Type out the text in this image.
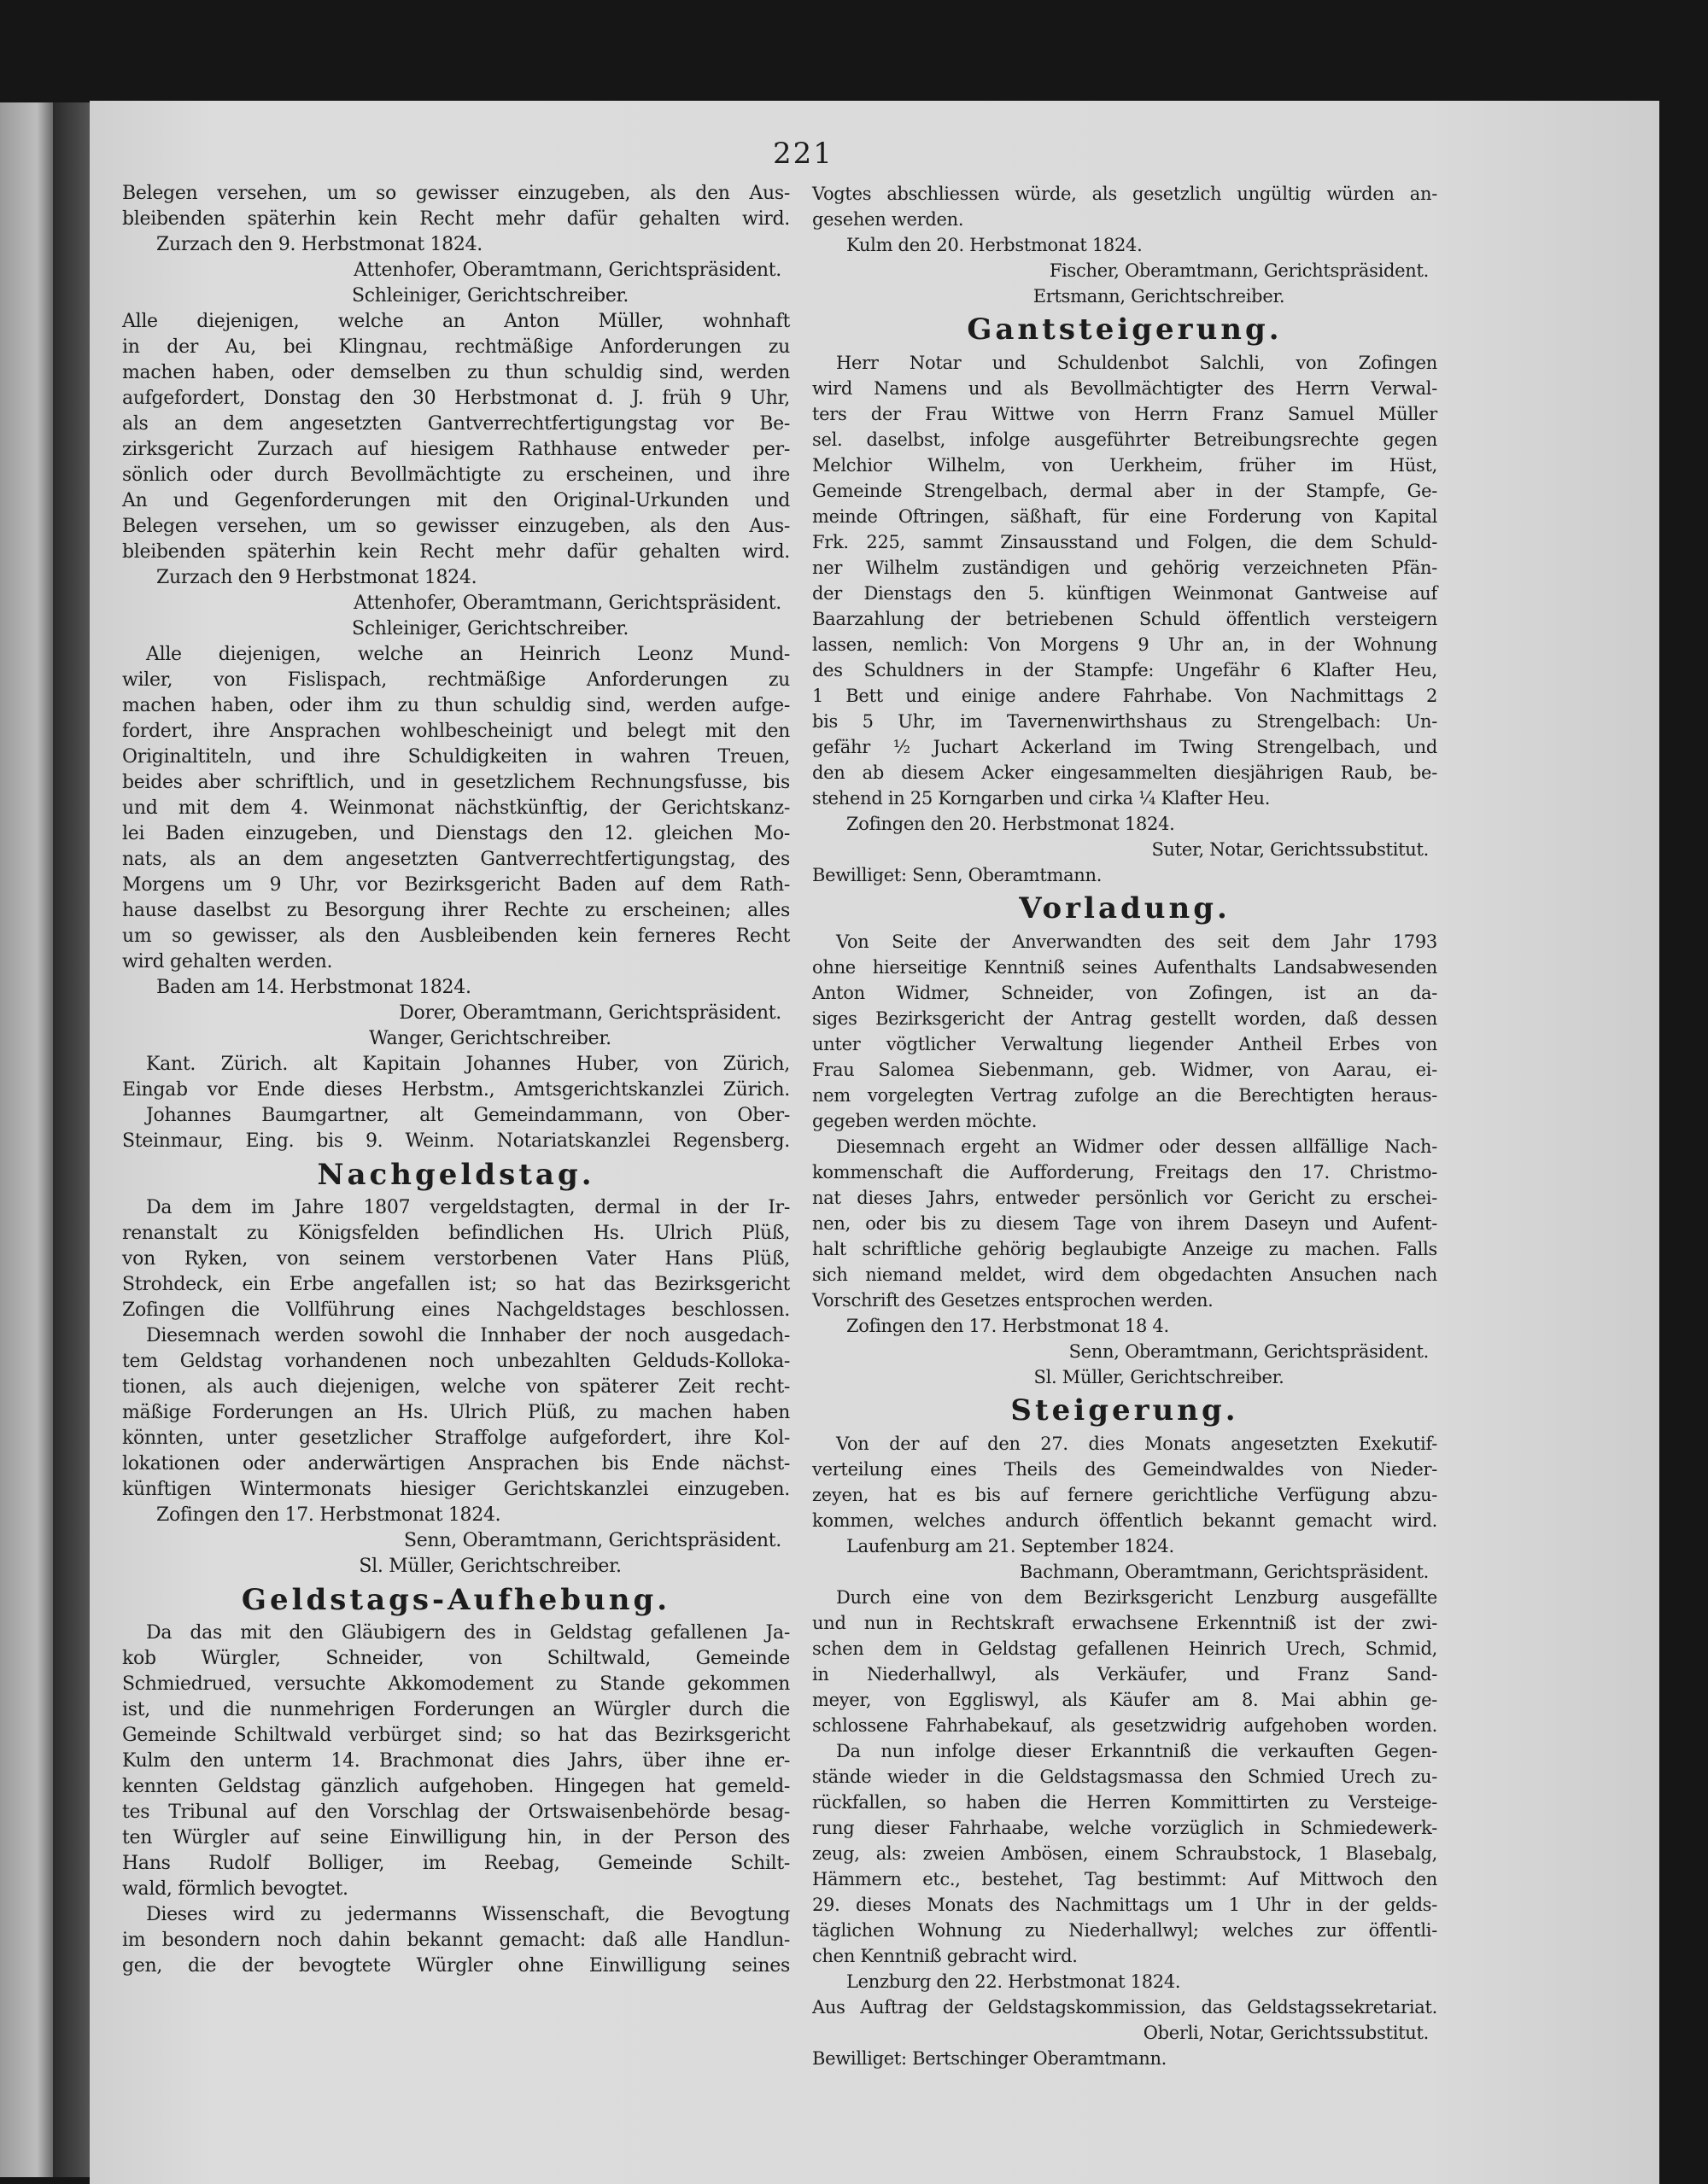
221
Belegen versehen, um so gewisser einzugeben, als den Aus-
bleibenden späterhin kein Recht mehr dafür gehalten wird.
Zurzach den 9. Herbstmonat 1824.
Attenhofer, Oberamtmann, Gerichtspräsident.
Schleiniger, Gerichtschreiber.
Alle diejenigen, welche an Anton Müller, wohnhaft
in der Au, bei Klingnau, rechtmäßige Anforderungen zu
machen haben, oder demselben zu thun schuldig sind, werden
aufgefordert, Donstag den 30 Herbstmonat d. J. früh 9 Uhr,
als an dem angesetzten Gantverrechtfertigungstag vor Be-
zirksgericht Zurzach auf hiesigem Rathhause entweder per-
sönlich oder durch Bevollmächtigte zu erscheinen, und ihre
An und Gegenforderungen mit den Original-Urkunden und
Belegen versehen, um so gewisser einzugeben, als den Aus-
bleibenden späterhin kein Recht mehr dafür gehalten wird.
Zurzach den 9 Herbstmonat 1824.
Attenhofer, Oberamtmann, Gerichtspräsident.
Schleiniger, Gerichtschreiber.
Alle diejenigen, welche an Heinrich Leonz Mund-
wiler, von Fislispach, rechtmäßige Anforderungen zu
machen haben, oder ihm zu thun schuldig sind, werden aufge-
fordert, ihre Ansprachen wohlbescheinigt und belegt mit den
Originaltiteln, und ihre Schuldigkeiten in wahren Treuen,
beides aber schriftlich, und in gesetzlichem Rechnungsfusse, bis
und mit dem 4. Weinmonat nächstkünftig, der Gerichtskanz-
lei Baden einzugeben, und Dienstags den 12. gleichen Mo-
nats, als an dem angesetzten Gantverrechtfertigungstag, des
Morgens um 9 Uhr, vor Bezirksgericht Baden auf dem Rath-
hause daselbst zu Besorgung ihrer Rechte zu erscheinen; alles
um so gewisser, als den Ausbleibenden kein ferneres Recht
wird gehalten werden.
Baden am 14. Herbstmonat 1824.
Dorer, Oberamtmann, Gerichtspräsident.
Wanger, Gerichtschreiber.
Kant. Zürich. alt Kapitain Johannes Huber, von Zürich,
Eingab vor Ende dieses Herbstm., Amtsgerichtskanzlei Zürich.
Johannes Baumgartner, alt Gemeindammann, von Ober-
Steinmaur, Eing. bis 9. Weinm. Notariatskanzlei Regensberg.
Nachgeldstag.
Da dem im Jahre 1807 vergeldstagten, dermal in der Ir-
renanstalt zu Königsfelden befindlichen Hs. Ulrich Plüß,
von Ryken, von seinem verstorbenen Vater Hans Plüß,
Strohdeck, ein Erbe angefallen ist; so hat das Bezirksgericht
Zofingen die Vollführung eines Nachgeldstages beschlossen.
Diesemnach werden sowohl die Innhaber der noch ausgedach-
tem Geldstag vorhandenen noch unbezahlten Gelduds-Kolloka-
tionen, als auch diejenigen, welche von späterer Zeit recht-
mäßige Forderungen an Hs. Ulrich Plüß, zu machen haben
könnten, unter gesetzlicher Straffolge aufgefordert, ihre Kol-
lokationen oder anderwärtigen Ansprachen bis Ende nächst-
künftigen Wintermonats hiesiger Gerichtskanzlei einzugeben.
Zofingen den 17. Herbstmonat 1824.
Senn, Oberamtmann, Gerichtspräsident.
Sl. Müller, Gerichtschreiber.
Geldstags-Aufhebung.
Da das mit den Gläubigern des in Geldstag gefallenen Ja-
kob Würgler, Schneider, von Schiltwald, Gemeinde
Schmiedrued, versuchte Akkomodement zu Stande gekommen
ist, und die nunmehrigen Forderungen an Würgler durch die
Gemeinde Schiltwald verbürget sind; so hat das Bezirksgericht
Kulm den unterm 14. Brachmonat dies Jahrs, über ihne er-
kennten Geldstag gänzlich aufgehoben. Hingegen hat gemeld-
tes Tribunal auf den Vorschlag der Ortswaisenbehörde besag-
ten Würgler auf seine Einwilligung hin, in der Person des
Hans Rudolf Bolliger, im Reebag, Gemeinde Schilt-
wald, förmlich bevogtet.
Dieses wird zu jedermanns Wissenschaft, die Bevogtung
im besondern noch dahin bekannt gemacht: daß alle Handlun-
gen, die der bevogtete Würgler ohne Einwilligung seines
Vogtes abschliessen würde, als gesetzlich ungültig würden an-
gesehen werden.
Kulm den 20. Herbstmonat 1824.
Fischer, Oberamtmann, Gerichtspräsident.
Ertsmann, Gerichtschreiber.
Gantsteigerung.
Herr Notar und Schuldenbot Salchli, von Zofingen
wird Namens und als Bevollmächtigter des Herrn Verwal-
ters der Frau Wittwe von Herrn Franz Samuel Müller
sel. daselbst, infolge ausgeführter Betreibungsrechte gegen
Melchior Wilhelm, von Uerkheim, früher im Hüst,
Gemeinde Strengelbach, dermal aber in der Stampfe, Ge-
meinde Oftringen, säßhaft, für eine Forderung von Kapital
Frk. 225, sammt Zinsausstand und Folgen, die dem Schuld-
ner Wilhelm zuständigen und gehörig verzeichneten Pfän-
der Dienstags den 5. künftigen Weinmonat Gantweise auf
Baarzahlung der betriebenen Schuld öffentlich versteigern
lassen, nemlich: Von Morgens 9 Uhr an, in der Wohnung
des Schuldners in der Stampfe: Ungefähr 6 Klafter Heu,
1 Bett und einige andere Fahrhabe. Von Nachmittags 2
bis 5 Uhr, im Tavernenwirthshaus zu Strengelbach: Un-
gefähr ½ Juchart Ackerland im Twing Strengelbach, und
den ab diesem Acker eingesammelten diesjährigen Raub, be-
stehend in 25 Korngarben und cirka ¼ Klafter Heu.
Zofingen den 20. Herbstmonat 1824.
Suter, Notar, Gerichtssubstitut.
Bewilliget: Senn, Oberamtmann.
Vorladung.
Von Seite der Anverwandten des seit dem Jahr 1793
ohne hierseitige Kenntniß seines Aufenthalts Landsabwesenden
Anton Widmer, Schneider, von Zofingen, ist an da-
siges Bezirksgericht der Antrag gestellt worden, daß dessen
unter vögtlicher Verwaltung liegender Antheil Erbes von
Frau Salomea Siebenmann, geb. Widmer, von Aarau, ei-
nem vorgelegten Vertrag zufolge an die Berechtigten heraus-
gegeben werden möchte.
Diesemnach ergeht an Widmer oder dessen allfällige Nach-
kommenschaft die Aufforderung, Freitags den 17. Christmo-
nat dieses Jahrs, entweder persönlich vor Gericht zu erschei-
nen, oder bis zu diesem Tage von ihrem Daseyn und Aufent-
halt schriftliche gehörig beglaubigte Anzeige zu machen. Falls
sich niemand meldet, wird dem obgedachten Ansuchen nach
Vorschrift des Gesetzes entsprochen werden.
Zofingen den 17. Herbstmonat 18 4.
Senn, Oberamtmann, Gerichtspräsident.
Sl. Müller, Gerichtschreiber.
Steigerung.
Von der auf den 27. dies Monats angesetzten Exekutif-
verteilung eines Theils des Gemeindwaldes von Nieder-
zeyen, hat es bis auf fernere gerichtliche Verfügung abzu-
kommen, welches andurch öffentlich bekannt gemacht wird.
Laufenburg am 21. September 1824.
Bachmann, Oberamtmann, Gerichtspräsident.
Durch eine von dem Bezirksgericht Lenzburg ausgefällte
und nun in Rechtskraft erwachsene Erkenntniß ist der zwi-
schen dem in Geldstag gefallenen Heinrich Urech, Schmid,
in Niederhallwyl, als Verkäufer, und Franz Sand-
meyer, von Eggliswyl, als Käufer am 8. Mai abhin ge-
schlossene Fahrhabekauf, als gesetzwidrig aufgehoben worden.
Da nun infolge dieser Erkanntniß die verkauften Gegen-
stände wieder in die Geldstagsmassa den Schmied Urech zu-
rückfallen, so haben die Herren Kommittirten zu Versteige-
rung dieser Fahrhaabe, welche vorzüglich in Schmiedewerk-
zeug, als: zweien Ambösen, einem Schraubstock, 1 Blasebalg,
Hämmern etc., bestehet, Tag bestimmt: Auf Mittwoch den
29. dieses Monats des Nachmittags um 1 Uhr in der gelds-
täglichen Wohnung zu Niederhallwyl; welches zur öffentli-
chen Kenntniß gebracht wird.
Lenzburg den 22. Herbstmonat 1824.
Aus Auftrag der Geldstagskommission, das Geldstagssekretariat.
Oberli, Notar, Gerichtssubstitut.
Bewilliget: Bertschinger Oberamtmann.
